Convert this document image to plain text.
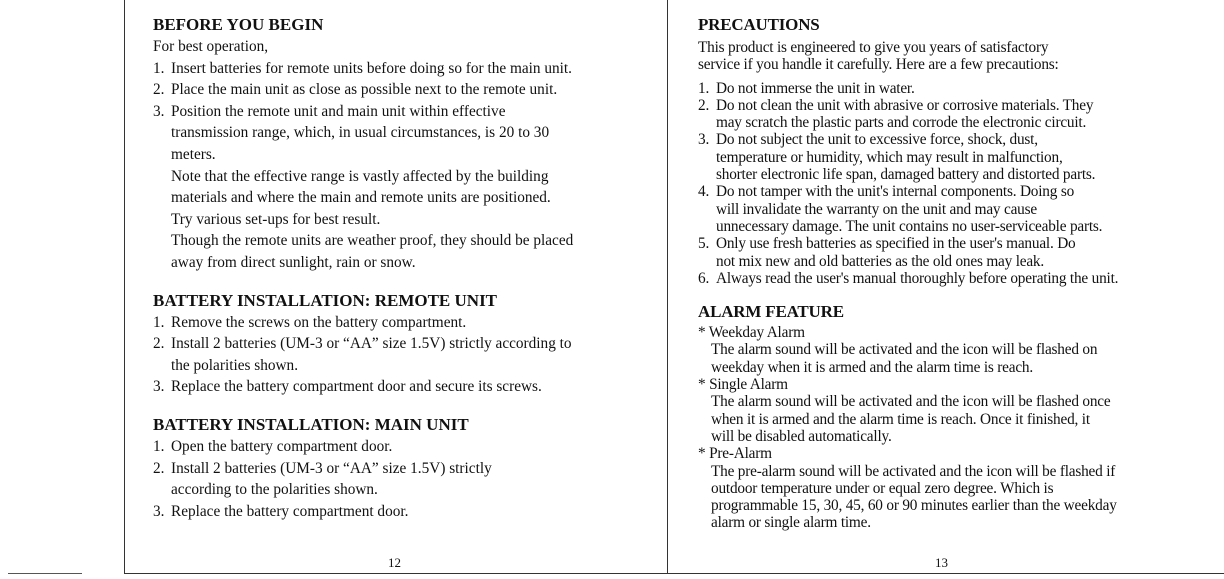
BEFORE YOU BEGIN
For best operation,
1. Insert batteries for remote units before doing so for the main unit.
2. Place the main unit as close as possible next to the remote unit.
3. Position the remote unit and main unit within effective
transmission range, which, in usual circumstances, is 20 to 30
meters.
Note that the effective range is vastly affected by the building
materials and where the main and remote units are positioned.
Try various set-ups for best result.
Though the remote units are weather proof, they should be placed
away from direct sunlight, rain or snow.
BATTERY INSTALLATION: REMOTE UNIT
1. Remove the screws on the battery compartment.
2. Install 2 batteries (UM-3 or “AA” size 1.5V) strictly according to
the polarities shown.
3. Replace the battery compartment door and secure its screws.
BATTERY INSTALLATION: MAIN UNIT
1. Open the battery compartment door.
2. Install 2 batteries (UM-3 or “AA” size 1.5V) strictly
according to the polarities shown.
3. Replace the battery compartment door.
12
PRECAUTIONS
This product is engineered to give you years of satisfactory
service if you handle it carefully. Here are a few precautions:
1. Do not immerse the unit in water.
2. Do not clean the unit with abrasive or corrosive materials. They
may scratch the plastic parts and corrode the electronic circuit.
3. Do not subject the unit to excessive force, shock, dust,
temperature or humidity, which may result in malfunction,
shorter electronic life span, damaged battery and distorted parts.
4. Do not tamper with the unit's internal components. Doing so
will invalidate the warranty on the unit and may cause
unnecessary damage. The unit contains no user-serviceable parts.
5. Only use fresh batteries as specified in the user's manual. Do
not mix new and old batteries as the old ones may leak.
6. Always read the user's manual thoroughly before operating the unit.
ALARM FEATURE
* Weekday Alarm
The alarm sound will be activated and the icon will be flashed on
weekday when it is armed and the alarm time is reach.
* Single Alarm
The alarm sound will be activated and the icon will be flashed once
when it is armed and the alarm time is reach. Once it finished, it
will be disabled automatically.
* Pre-Alarm
The pre-alarm sound will be activated and the icon will be flashed if
outdoor temperature under or equal zero degree. Which is
programmable 15, 30, 45, 60 or 90 minutes earlier than the weekday
alarm or single alarm time.
13
